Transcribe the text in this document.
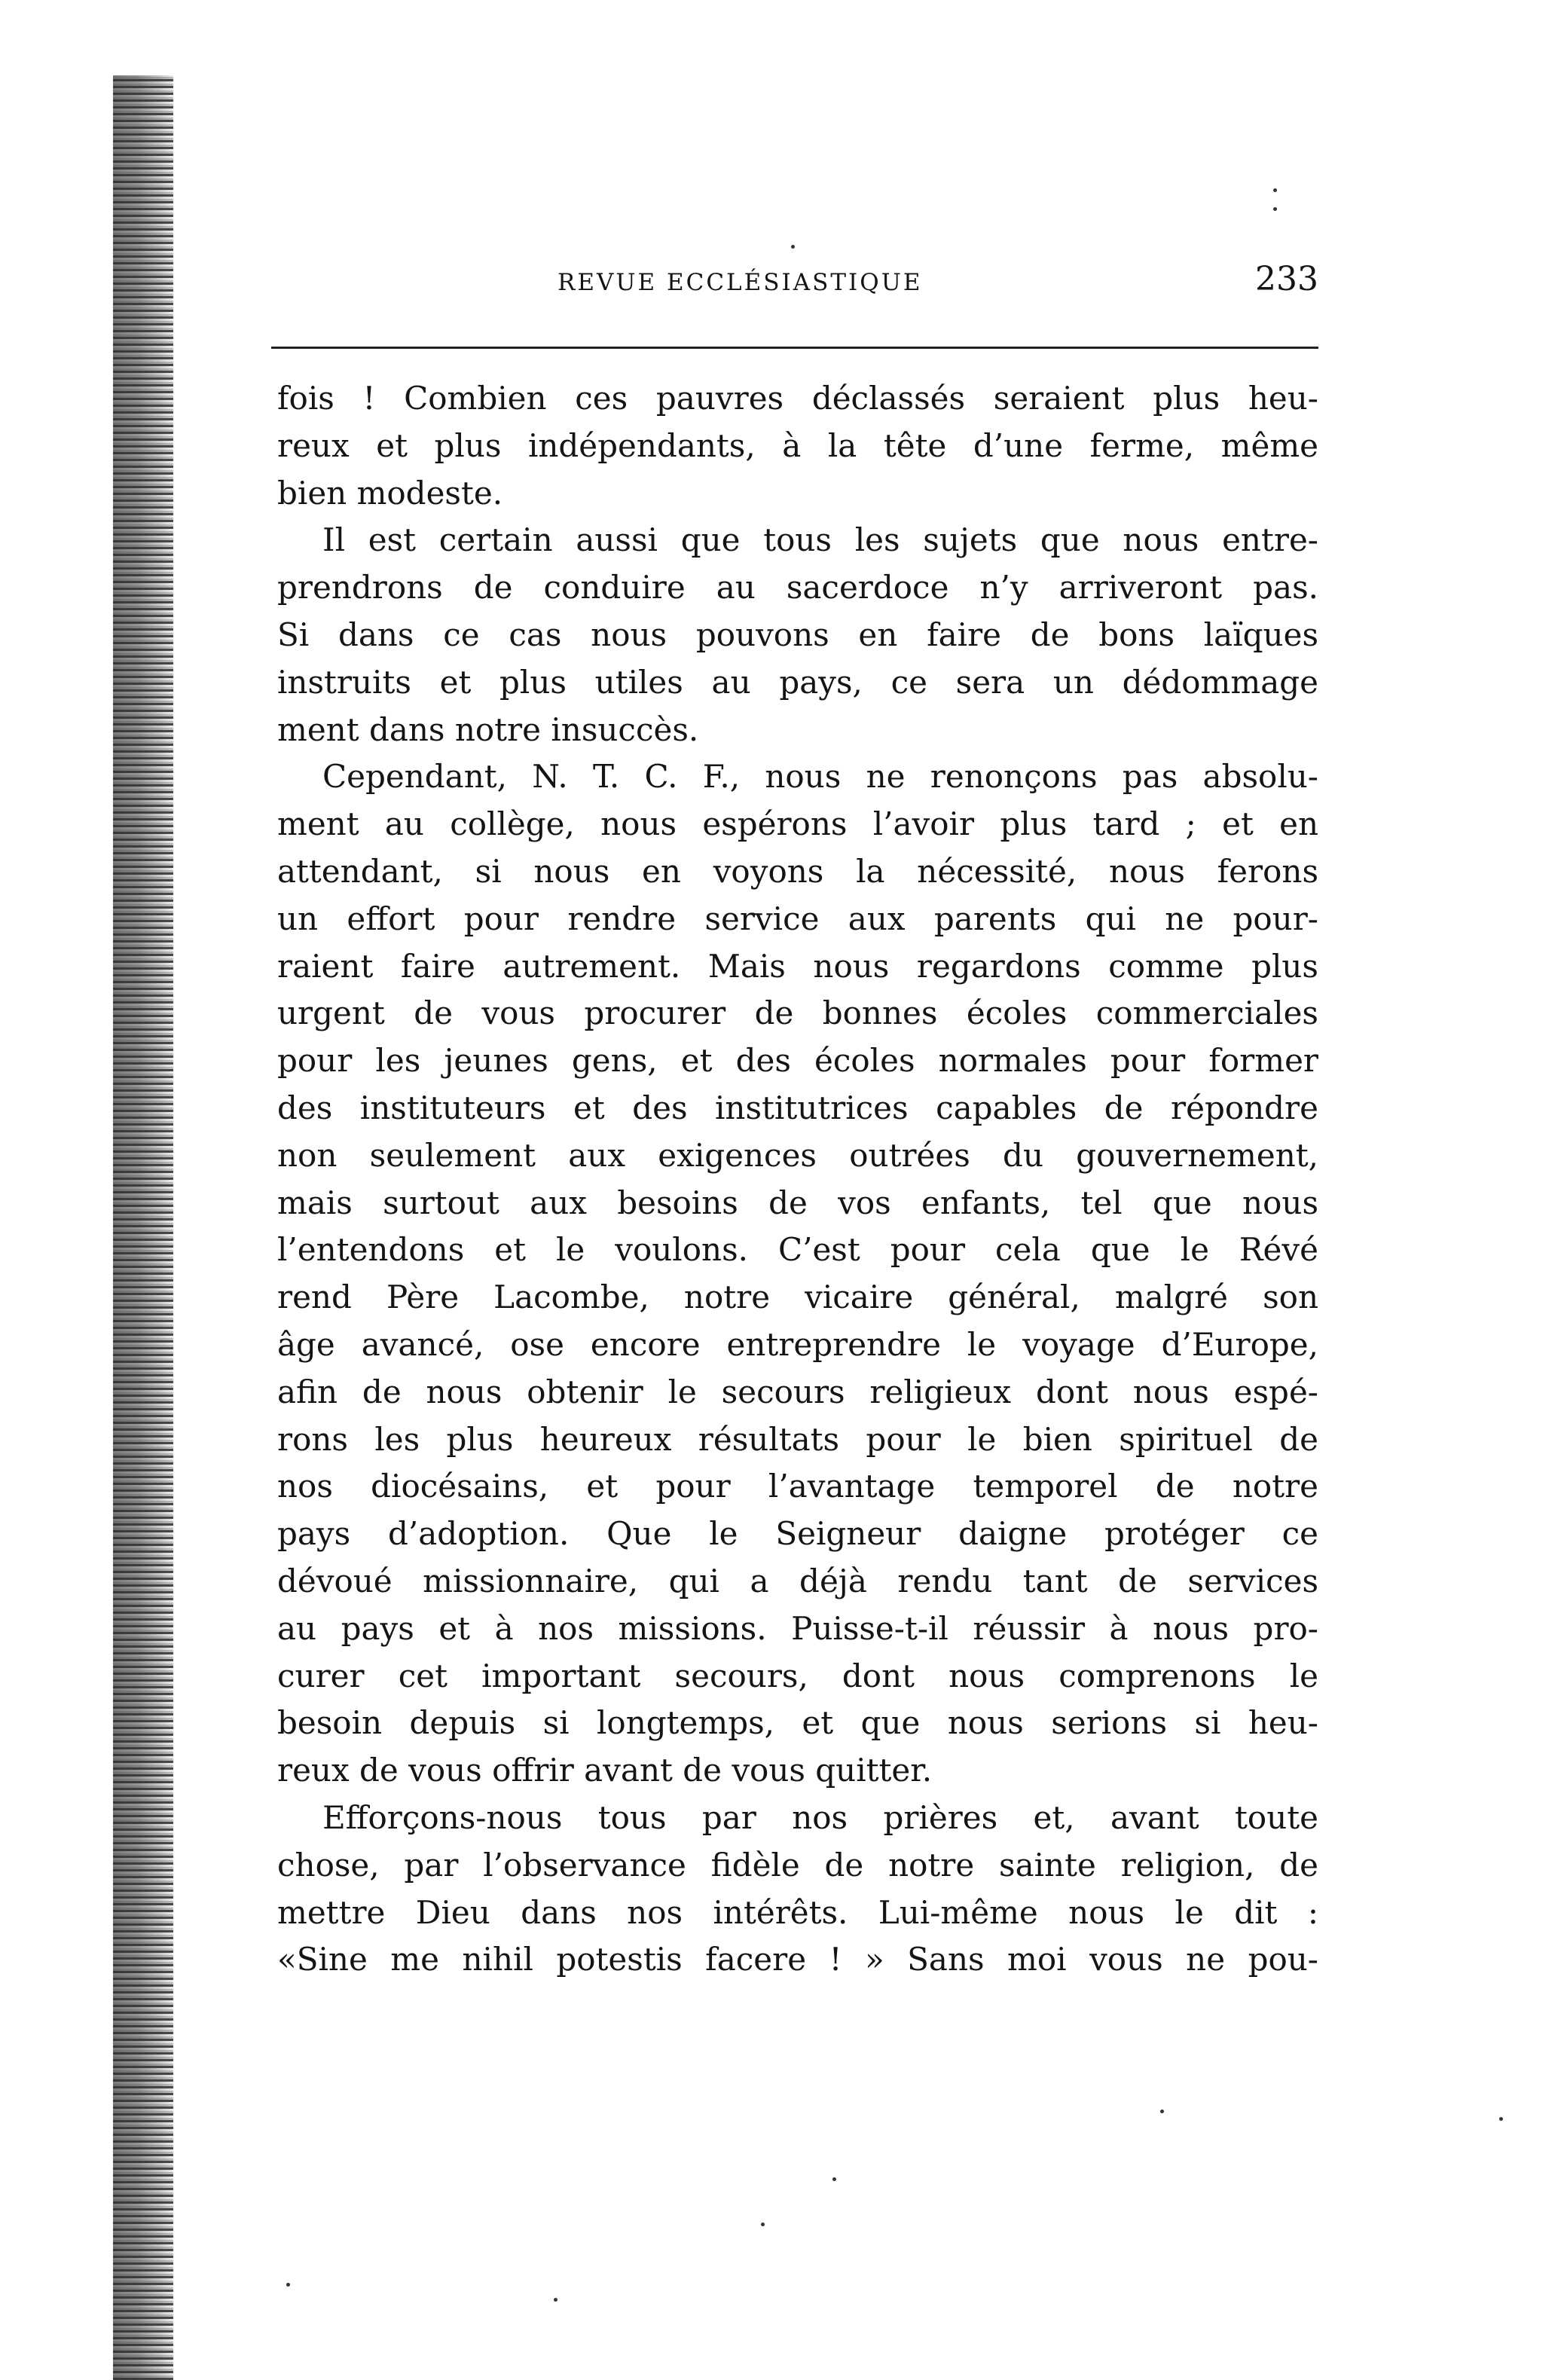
REVUE ECCLÉSIASTIQUE	233
fois ! Combien ces pauvres déclassés seraient plus heu-
reux et plus indépendants, à la tête d’une ferme, même
bien modeste.
Il est certain aussi que tous les sujets que nous entre-
prendrons de conduire au sacerdoce n’y arriveront pas.
Si dans ce cas nous pouvons en faire de bons laïques
instruits et plus utiles au pays, ce sera un dédommage
ment dans notre insuccès.
Cependant, N. T. C. F., nous ne renonçons pas absolu-
ment au collège, nous espérons l’avoir plus tard ; et en
attendant, si nous en voyons la nécessité, nous ferons
un effort pour rendre service aux parents qui ne pour-
raient faire autrement. Mais nous regardons comme plus
urgent de vous procurer de bonnes écoles commerciales
pour les jeunes gens, et des écoles normales pour former
des instituteurs et des institutrices capables de répondre
non seulement aux exigences outrées du gouvernement,
mais surtout aux besoins de vos enfants, tel que nous
l’entendons et le voulons. C’est pour cela que le Révé
rend Père Lacombe, notre vicaire général, malgré son
âge avancé, ose encore entreprendre le voyage d’Europe,
afin de nous obtenir le secours religieux dont nous espé-
rons les plus heureux résultats pour le bien spirituel de
nos diocésains, et pour l’avantage temporel de notre
pays d’adoption. Que le Seigneur daigne protéger ce
dévoué missionnaire, qui a déjà rendu tant de services
au pays et à nos missions. Puisse-t-il réussir à nous pro-
curer cet important secours, dont nous comprenons le
besoin depuis si longtemps, et que nous serions si heu-
reux de vous offrir avant de vous quitter.
Efforçons-nous tous par nos prières et, avant toute
chose, par l’observance fidèle de notre sainte religion, de
mettre Dieu dans nos intérêts. Lui-même nous le dit :
«Sine me nihil potestis facere ! » Sans moi vous ne pou-
